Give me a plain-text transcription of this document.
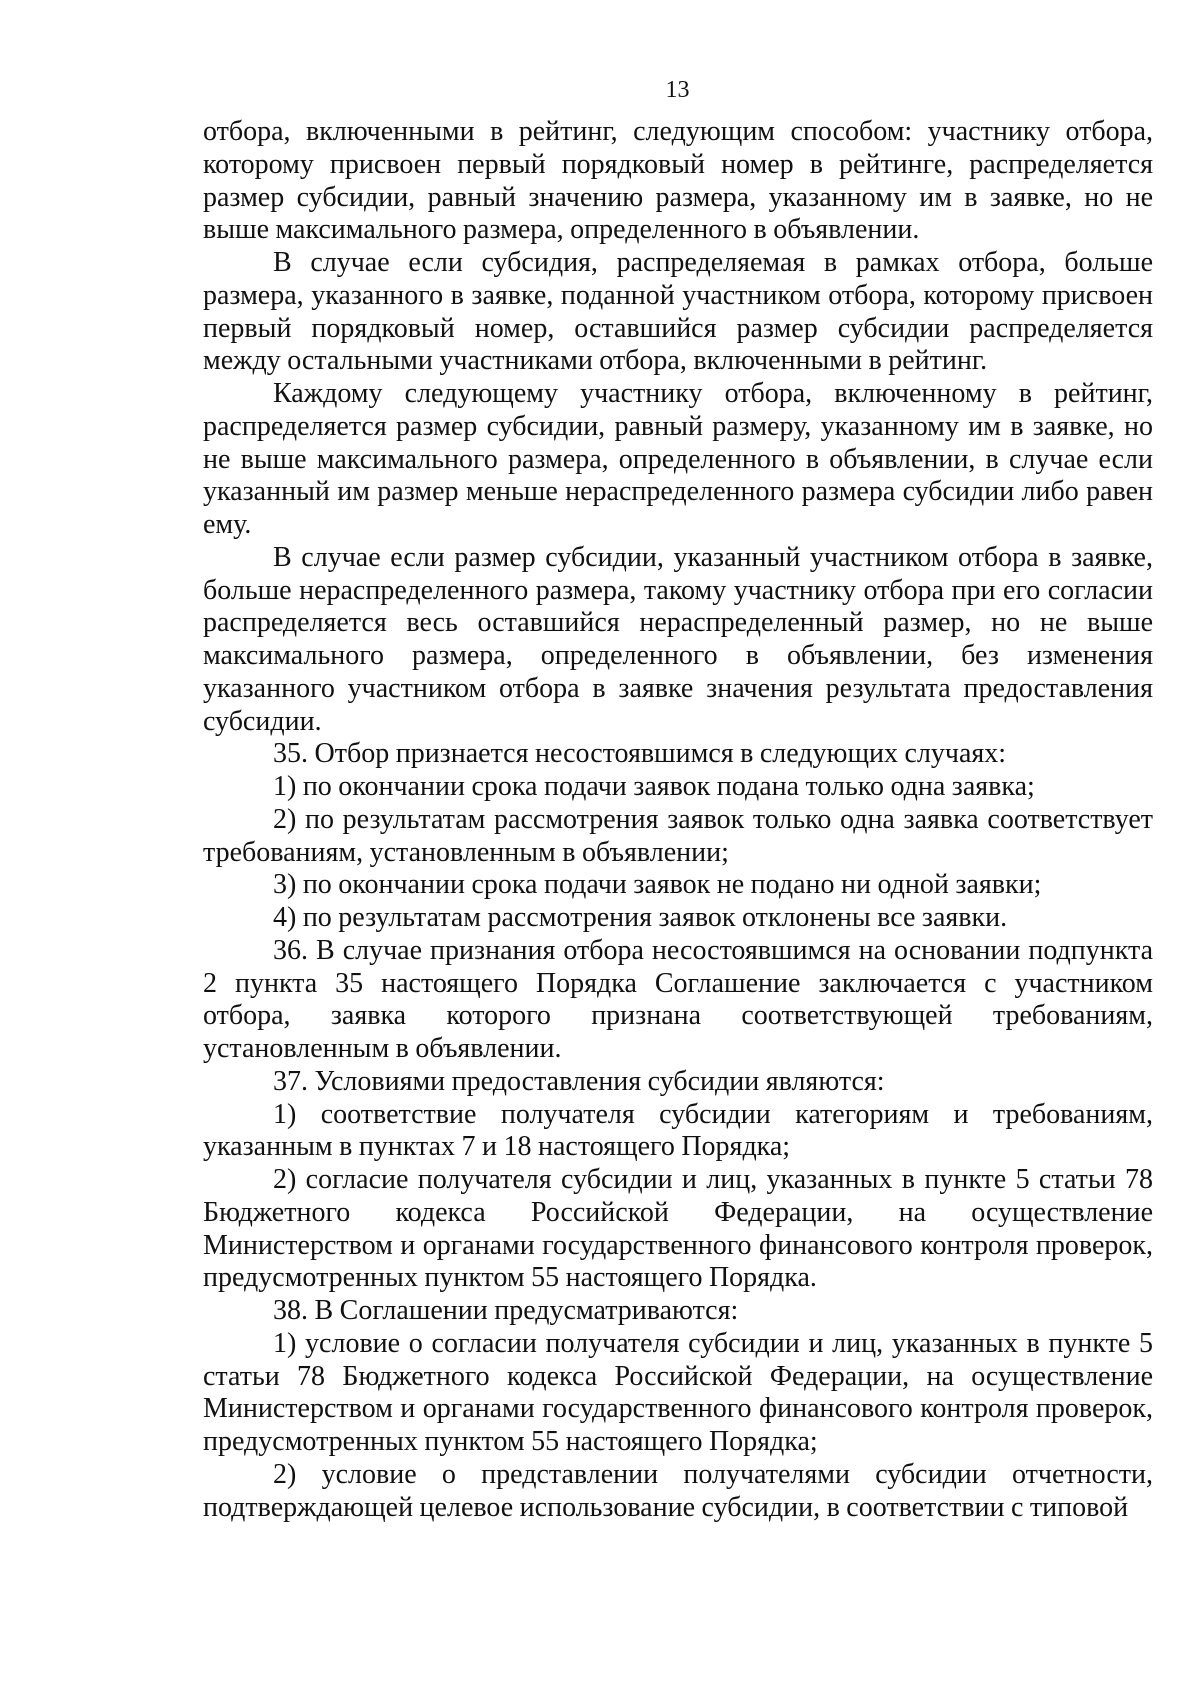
13

отбора, включенными в рейтинг, следующим способом: участнику отбора, которому присвоен первый порядковый номер в рейтинге, распределяется размер субсидии, равный значению размера, указанному им в заявке, но не выше максимального размера, определенного в объявлении.

В случае если субсидия, распределяемая в рамках отбора, больше размера, указанного в заявке, поданной участником отбора, которому присвоен первый порядковый номер, оставшийся размер субсидии распределяется между остальными участниками отбора, включенными в рейтинг.

Каждому следующему участнику отбора, включенному в рейтинг, распределяется размер субсидии, равный размеру, указанному им в заявке, но не выше максимального размера, определенного в объявлении, в случае если указанный им размер меньше нераспределенного размера субсидии либо равен ему.

В случае если размер субсидии, указанный участником отбора в заявке, больше нераспределенного размера, такому участнику отбора при его согласии распределяется весь оставшийся нераспределенный размер, но не выше максимального размера, определенного в объявлении, без изменения указанного участником отбора в заявке значения результата предоставления субсидии.

35. Отбор признается несостоявшимся в следующих случаях:

1) по окончании срока подачи заявок подана только одна заявка;

2) по результатам рассмотрения заявок только одна заявка соответствует требованиям, установленным в объявлении;

3) по окончании срока подачи заявок не подано ни одной заявки;

4) по результатам рассмотрения заявок отклонены все заявки.

36. В случае признания отбора несостоявшимся на основании подпункта 2 пункта 35 настоящего Порядка Соглашение заключается с участником отбора, заявка которого признана соответствующей требованиям, установленным в объявлении.

37. Условиями предоставления субсидии являются:

1) соответствие получателя субсидии категориям и требованиям, указанным в пунктах 7 и 18 настоящего Порядка;

2) согласие получателя субсидии и лиц, указанных в пункте 5 статьи 78 Бюджетного кодекса Российской Федерации, на осуществление Министерством и органами государственного финансового контроля проверок, предусмотренных пунктом 55 настоящего Порядка.

38. В Соглашении предусматриваются:

1) условие о согласии получателя субсидии и лиц, указанных в пункте 5 статьи 78 Бюджетного кодекса Российской Федерации, на осуществление Министерством и органами государственного финансового контроля проверок, предусмотренных пунктом 55 настоящего Порядка;

2) условие о представлении получателями субсидии отчетности, подтверждающей целевое использование субсидии, в соответствии с типовой
